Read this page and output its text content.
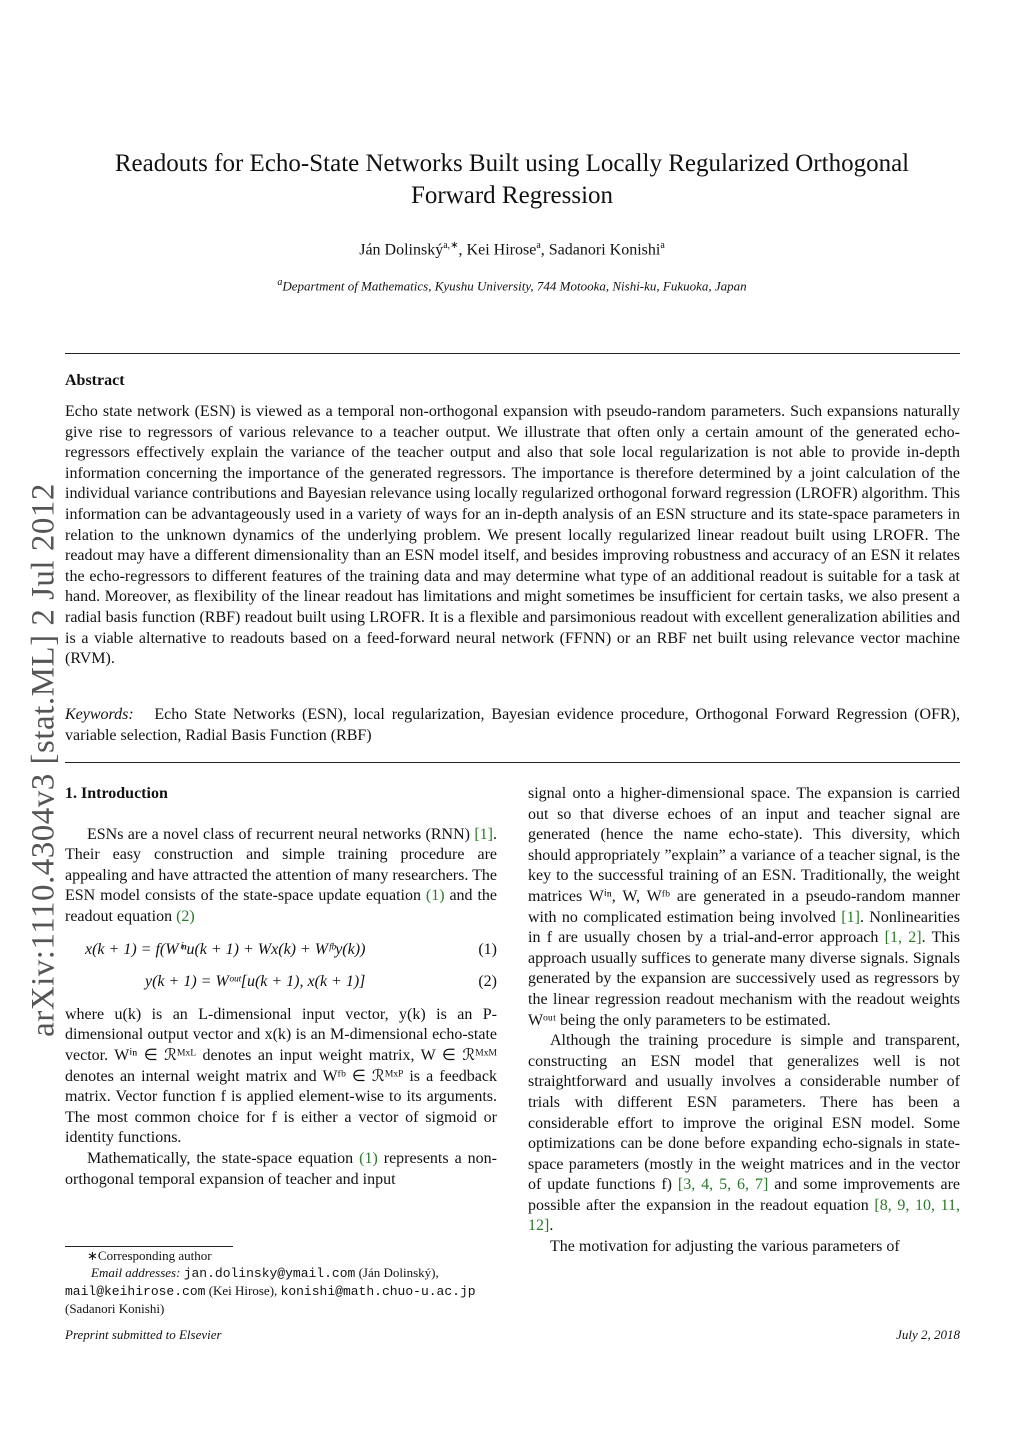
arXiv:1110.4304v3 [stat.ML] 2 Jul 2012
Readouts for Echo-State Networks Built using Locally Regularized Orthogonal
Forward Regression
Ján Dolinský$^{a,∗}$, Kei Hirose$^a$, Sadanori Konishi$^a$
$^a$Department of Mathematics, Kyushu University, 744 Motooka, Nishi-ku, Fukuoka, Japan
Abstract
Echo state network (ESN) is viewed as a temporal non-orthogonal expansion with pseudo-random parameters. Such expansions naturally give rise to regressors of various relevance to a teacher output. We illustrate that often only a certain amount of the generated echo-regressors effectively explain the variance of the teacher output and also that sole local regularization is not able to provide in-depth information concerning the importance of the generated regressors. The importance is therefore determined by a joint calculation of the individual variance contributions and Bayesian relevance using locally regularized orthogonal forward regression (LROFR) algorithm. This information can be advantageously used in a variety of ways for an in-depth analysis of an ESN structure and its state-space parameters in relation to the unknown dynamics of the underlying problem. We present locally regularized linear readout built using LROFR. The readout may have a different dimensionality than an ESN model itself, and besides improving robustness and accuracy of an ESN it relates the echo-regressors to different features of the training data and may determine what type of an additional readout is suitable for a task at hand. Moreover, as flexibility of the linear readout has limitations and might sometimes be insufficient for certain tasks, we also present a radial basis function (RBF) readout built using LROFR. It is a flexible and parsimonious readout with excellent generalization abilities and is a viable alternative to readouts based on a feed-forward neural network (FFNN) or an RBF net built using relevance vector machine (RVM).
Keywords: Echo State Networks (ESN), local regularization, Bayesian evidence procedure, Orthogonal Forward Regression (OFR), variable selection, Radial Basis Function (RBF)
1. Introduction

ESNs are a novel class of recurrent neural networks (RNN) [1]. Their easy construction and simple training procedure are appealing and have attracted the attention of many researchers. The ESN model consists of the state-space update equation (1) and the readout equation (2)

x(k + 1) = f(Wⁱⁿu(k + 1) + Wx(k) + Wᶠᵇy(k))	(1)
y(k + 1) = Wᵒᵘᵗ[u(k + 1), x(k + 1)]	(2)

where u(k) is an L-dimensional input vector, y(k) is an P-dimensional output vector and x(k) is an M-dimensional echo-state vector. Wⁱⁿ ∈ ℛᴹˣᴸ denotes an input weight matrix, W ∈ ℛᴹˣᴹ denotes an internal weight matrix and Wᶠᵇ ∈ ℛᴹˣᴾ is a feedback matrix. Vector function f is applied element-wise to its arguments. The most common choice for f is either a vector of sigmoid or identity functions.

Mathematically, the state-space equation (1) represents a non-orthogonal temporal expansion of teacher and input

signal onto a higher-dimensional space. The expansion is carried out so that diverse echoes of an input and teacher signal are generated (hence the name echo-state). This diversity, which should appropriately ”explain” a variance of a teacher signal, is the key to the successful training of an ESN. Traditionally, the weight matrices Wⁱⁿ, W, Wᶠᵇ are generated in a pseudo-random manner with no complicated estimation being involved [1]. Nonlinearities in f are usually chosen by a trial-and-error approach [1, 2]. This approach usually suffices to generate many diverse signals. Signals generated by the expansion are successively used as regressors by the linear regression readout mechanism with the readout weights Wᵒᵘᵗ being the only parameters to be estimated.

Although the training procedure is simple and transparent, constructing an ESN model that generalizes well is not straightforward and usually involves a considerable number of trials with different ESN parameters. There has been a considerable effort to improve the original ESN model. Some optimizations can be done before expanding echo-signals in state-space parameters (mostly in the weight matrices and in the vector of update functions f) [3, 4, 5, 6, 7] and some improvements are possible after the expansion in the readout equation [8, 9, 10, 11, 12].

The motivation for adjusting the various parameters of

∗Corresponding author

Email addresses: jan.dolinsky@ymail.com (Ján Dolinský),

mail@keihirose.com (Kei Hirose), konishi@math.chuo-u.ac.jp

(Sadanori Konishi)

Preprint submitted to Elsevier	July 2, 2018
